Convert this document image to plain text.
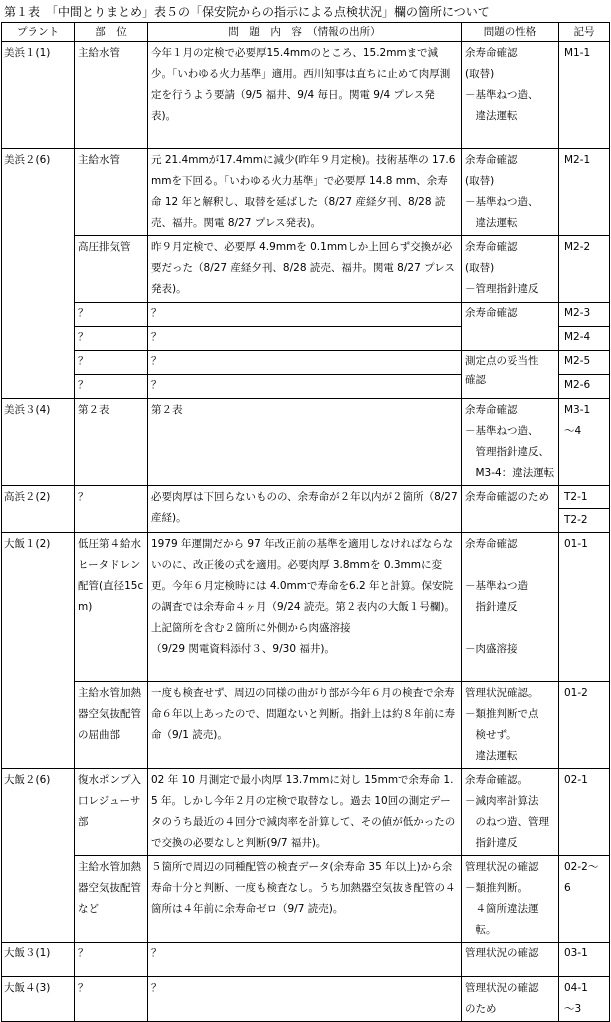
第１表　「中間とりまとめ」表５の「保安院からの指示による点検状況」欄の箇所について
プラント	部　位	問　題　内　容　（情報の出所）	問題の性格	記号
美浜１(1)	主給水管	今年１月の定検で必要厚15.4mmのところ、15.2mmまで減少。｢いわゆる火力基準」適用。西川知事は直ちに止めて肉厚測定を行うよう要請（9/5 福井、9/4 毎日。関電 9/4 プレス発表)。	余寿命確認
(取替)
－基準ねつ造、
　違法運転	M1-1
美浜２(6)	主給水管	元 21.4mmが17.4mmに減少(昨年９月定検)。技術基準の 17.6mmを下回る。｢いわゆる火力基準」で必要厚 14.8 mm、余寿命 12 年と解釈し、取替を延ばした（8/27 産経夕刊、8/28 読売、福井。関電 8/27 プレス発表)。	余寿命確認
(取替)
－基準ねつ造、
　違法運転	M2-1
	高圧排気管	昨９月定検で、必要厚 4.9mmを 0.1mmしか上回らず交換が必要だった（8/27 産経夕刊、8/28 読売、福井。関電 8/27 プレス発表)。	余寿命確認
(取替)
－管理指針違反	M2-2
	？	？	余寿命確認	M2-3
	？	？		M2-4
	？	？	測定点の妥当性
確認	M2-5
	？	？		M2-6
美浜３(4)	第２表	第２表	余寿命確認
－基準ねつ造、
　管理指針違反、
　M3-4：違法運転	M3-1
～4
高浜２(2)	？	必要肉厚は下回らないものの、余寿命が２年以内が２箇所（8/27 産経)。	余寿命確認のため	T2-1
T2-2

大飯１(2)	低圧第４給水ヒータドレン配管(直径15cm)	1979 年運開だから 97 年改正前の基準を適用しなければならないのに、改正後の式を適用。必要肉厚 3.8mmを 0.3mmに変更。今年６月定検時には 4.0mmで寿命を6.2 年と計算。保安院の調査では余寿命４ヶ月（9/24 読売。第２表内の大飯１号欄)。
上記箇所を含む２箇所に外側から肉盛溶接
（9/29 関電資料添付３、9/30 福井)。	余寿命確認

－基準ねつ造
　指針違反

－肉盛溶接	01-1
	主給水管加熱器空気抜配管の屈曲部	一度も検査せず、周辺の同様の曲がり部が今年６月の検査で余寿命６年以上あったので、問題ないと判断。指針上は約８年前に寿命（9/1 読売)。	管理状況確認。
－類推判断で点
　検せず。
　違法運転	01-2
大飯２(6)	復水ポンプ入口レジューサ部	02 年 10 月測定で最小肉厚 13.7mmに対し 15mmで余寿命 1.5 年。しかし今年２月の定検で取替なし。過去 10回の測定データのうち最近の４回分で減肉率を計算して、その値が低かったので交換の必要なしと判断(9/7 福井)。	余寿命確認。
－減肉率計算法
　のねつ造、管理
　指針違反	02-1
	主給水管加熱器空気抜配管など	５箇所で周辺の同種配管の検査データ(余寿命 35 年以上)から余寿命十分と判断、一度も検査なし。うち加熱器空気抜き配管の４箇所は４年前に余寿命ゼロ（9/7 読売)。	管理状況の確認
－類推判断。
　４箇所違法運
　転。	02-2～
6
大飯３(1)	？	？	管理状況の確認	03-1
大飯４(3)	？	？	管理状況の確認
のため	04-1
～3
